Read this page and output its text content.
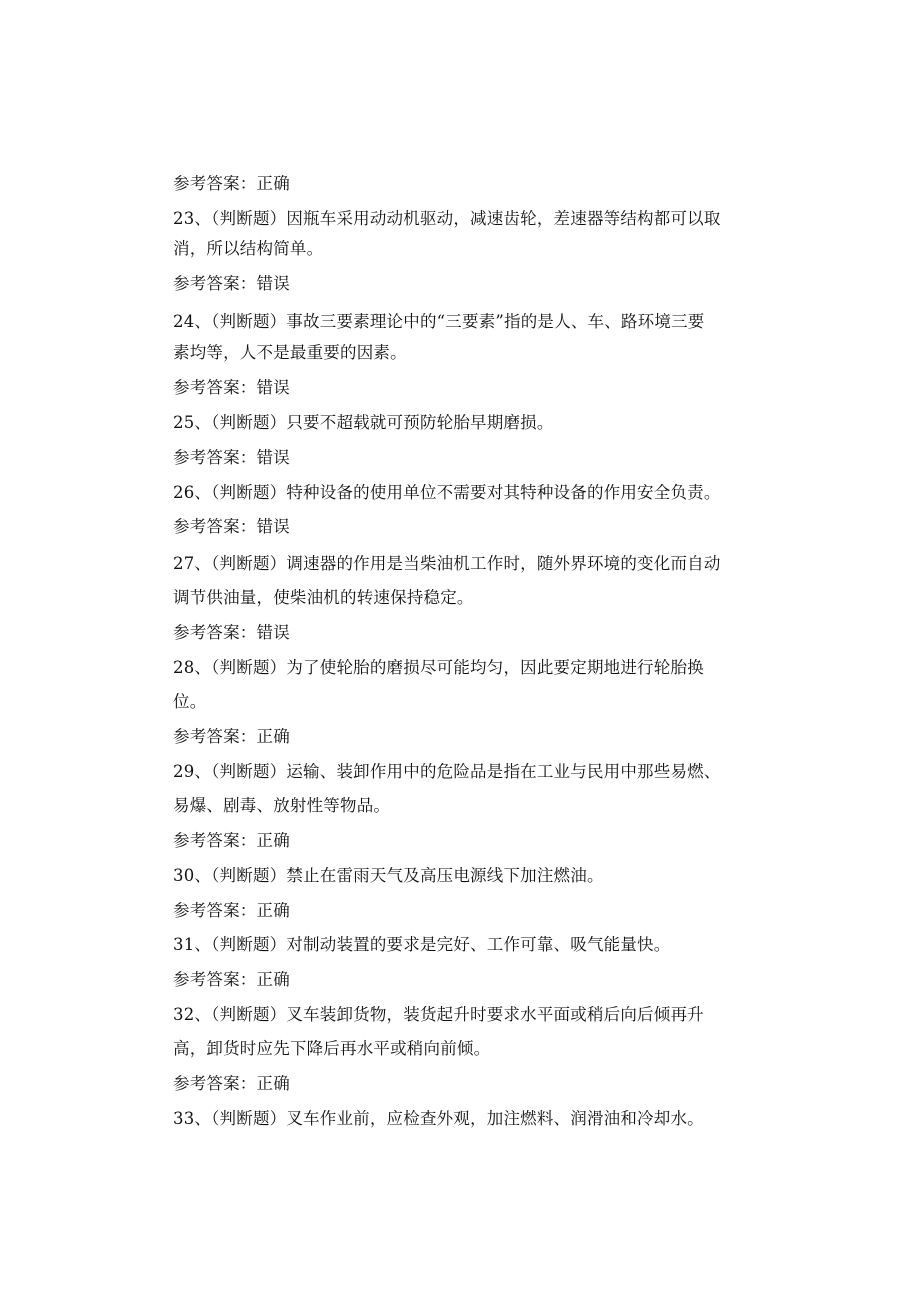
参考答案：正确
23、（判断题）因瓶车采用动动机驱动，减速齿轮，差速器等结构都可以取
消，所以结构简单。
参考答案：错误
24、（判断题）事故三要素理论中的“三要素”指的是人、车、路环境三要
素均等，人不是最重要的因素。
参考答案：错误
25、（判断题）只要不超载就可预防轮胎早期磨损。
参考答案：错误
26、（判断题）特种设备的使用单位不需要对其特种设备的作用安全负责。
参考答案：错误
27、（判断题）调速器的作用是当柴油机工作时，随外界环境的变化而自动
调节供油量，使柴油机的转速保持稳定。
参考答案：错误
28、（判断题）为了使轮胎的磨损尽可能均匀，因此要定期地进行轮胎换
位。
参考答案：正确
29、（判断题）运输、装卸作用中的危险品是指在工业与民用中那些易燃、
易爆、剧毒、放射性等物品。
参考答案：正确
30、（判断题）禁止在雷雨天气及高压电源线下加注燃油。
参考答案：正确
31、（判断题）对制动装置的要求是完好、工作可靠、吸气能量快。
参考答案：正确
32、（判断题）叉车装卸货物，装货起升时要求水平面或稍后向后倾再升
高，卸货时应先下降后再水平或稍向前倾。
参考答案：正确
33、（判断题）叉车作业前，应检查外观，加注燃料、润滑油和冷却水。
